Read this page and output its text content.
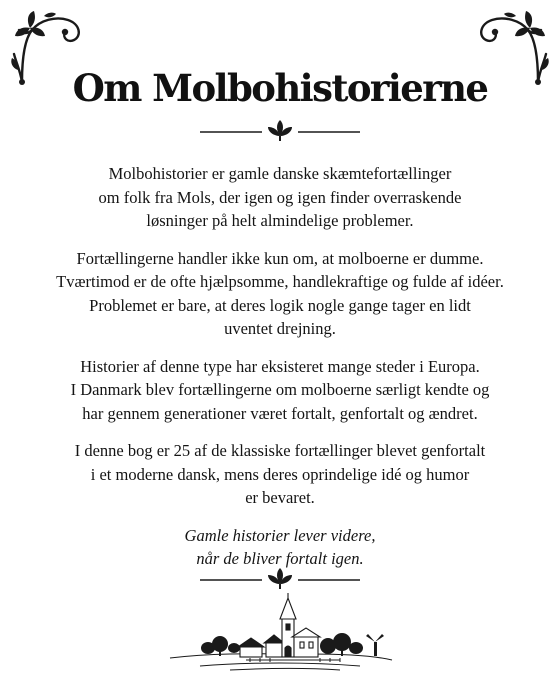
Om Molbohistorierne

Molbohistorier er gamle danske skæmtefortællinger
om folk fra Mols, der igen og igen finder overraskende
løsninger på helt almindelige problemer.

Fortællingerne handler ikke kun om, at molboerne er dumme.
Tværtimod er de ofte hjælpsomme, handlekraftige og fulde af idéer.
Problemet er bare, at deres logik nogle gange tager en lidt
uventet drejning.

Historier af denne type har eksisteret mange steder i Europa.
I Danmark blev fortællingerne om molboerne særligt kendte og
har gennem generationer været fortalt, genfortalt og ændret.

I denne bog er 25 af de klassiske fortællinger blevet genfortalt
i et moderne dansk, mens deres oprindelige idé og humor
er bevaret.

Gamle historier lever videre,
når de bliver fortalt igen.
